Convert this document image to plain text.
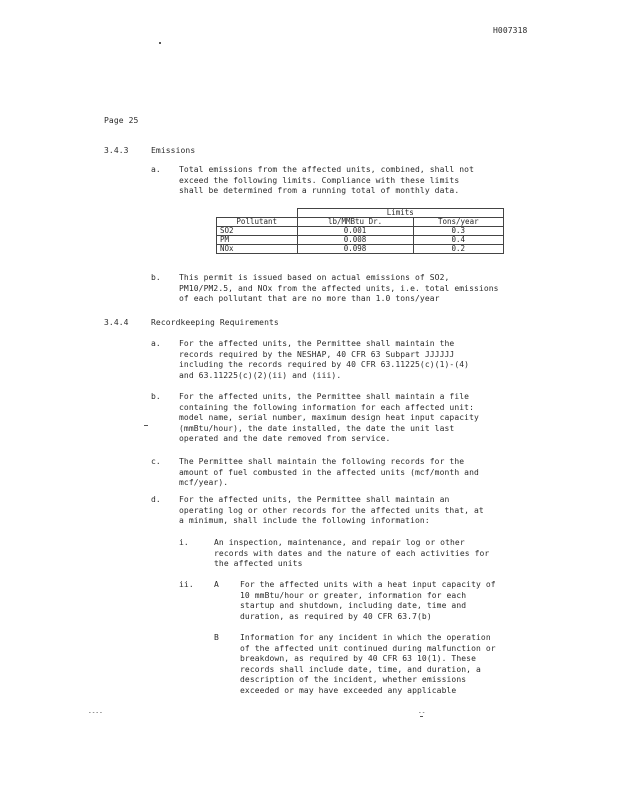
H007318
Page 25
3.4.3	Emissions
a. Total emissions from the affected units, combined, shall not
exceed the following limits. Compliance with these limits
shall be determined from a running total of monthly data.
	Limits	
Pollutant	lb/MMBtu Dr.	Tons/year
SO2	0.001	0.3
PM	0.008	0.4
NOx	0.098	0.2
b. This permit is issued based on actual emissions of SO2,
PM10/PM2.5, and NOx from the affected units, i.e. total emissions
of each pollutant that are no more than 1.0 tons/year
3.4.4	Recordkeeping Requirements
a. For the affected units, the Permittee shall maintain the
records required by the NESHAP, 40 CFR 63 Subpart JJJJJJ
including the records required by 40 CFR 63.11225(c)(1)-(4)
and 63.11225(c)(2)(ii) and (iii).
b. For the affected units, the Permittee shall maintain a file
containing the following information for each affected unit:
model name, serial number, maximum design heat input capacity
(mmBtu/hour), the date installed, the date the unit last
operated and the date removed from service.
c. The Permittee shall maintain the following records for the
amount of fuel combusted in the affected units (mcf/month and
mcf/year).
d. For the affected units, the Permittee shall maintain an
operating log or other records for the affected units that, at
a minimum, shall include the following information:
i.	An inspection, maintenance, and repair log or other
records with dates and the nature of each activities for
the affected units
ii.	A	For the affected units with a heat input capacity of
10 mmBtu/hour or greater, information for each
startup and shutdown, including date, time and
duration, as required by 40 CFR 63.7(b)
B	Information for any incident in which the operation
of the affected unit continued during malfunction or
breakdown, as required by 40 CFR 63 10(1). These
records shall include date, time, and duration, a
description of the incident, whether emissions
exceeded or may have exceeded any applicable
----	--
